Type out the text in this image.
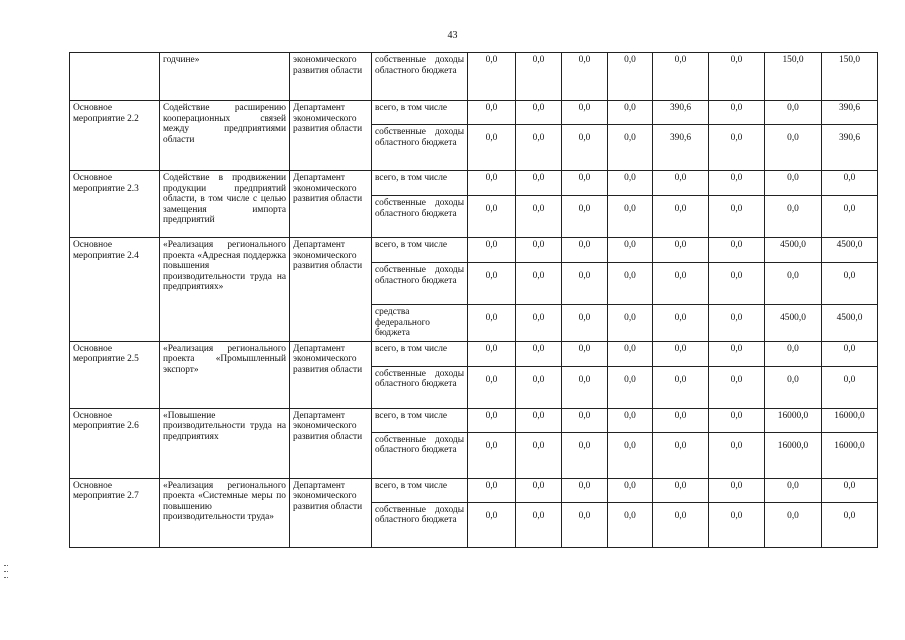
43
	годчине»	экономического развития области	собственные доходы областного бюджета	0,0	0,0	0,0	0,0	0,0	0,0	150,0	150,0
Основное мероприятие 2.2	Содействие расширению кооперационных связей между предприятиями области	Департамент экономического развития области	всего, в том числе	0,0	0,0	0,0	0,0	390,6	0,0	0,0	390,6
			собственные доходы областного бюджета	0,0	0,0	0,0	0,0	390,6	0,0	0,0	390,6
Основное мероприятие 2.3	Содействие в продвижении продукции предприятий области, в том числе с целью замещения импорта предприятий	Департамент экономического развития области	всего, в том числе	0,0	0,0	0,0	0,0	0,0	0,0	0,0	0,0
			собственные доходы областного бюджета	0,0	0,0	0,0	0,0	0,0	0,0	0,0	0,0
Основное мероприятие 2.4	«Реализация регионального проекта «Адресная поддержка повышения производительности труда на предприятиях»	Департамент экономического развития области	всего, в том числе	0,0	0,0	0,0	0,0	0,0	0,0	4500,0	4500,0
			собственные доходы областного бюджета	0,0	0,0	0,0	0,0	0,0	0,0	0,0	0,0
			средства федерального бюджета	0,0	0,0	0,0	0,0	0,0	0,0	4500,0	4500,0
Основное мероприятие 2.5	«Реализация регионального проекта «Промышленный экспорт»	Департамент экономического развития области	всего, в том числе	0,0	0,0	0,0	0,0	0,0	0,0	0,0	0,0
			собственные доходы областного бюджета	0,0	0,0	0,0	0,0	0,0	0,0	0,0	0,0
Основное мероприятие 2.6	«Повышение производительности труда на предприятиях	Департамент экономического развития области	всего, в том числе	0,0	0,0	0,0	0,0	0,0	0,0	16000,0	16000,0
			собственные доходы областного бюджета	0,0	0,0	0,0	0,0	0,0	0,0	16000,0	16000,0
Основное мероприятие 2.7	«Реализация регионального проекта «Системные меры по повышению производительности труда»	Департамент экономического развития области	всего, в том числе	0,0	0,0	0,0	0,0	0,0	0,0	0,0	0,0
			собственные доходы областного бюджета	0,0	0,0	0,0	0,0	0,0	0,0	0,0	0,0
